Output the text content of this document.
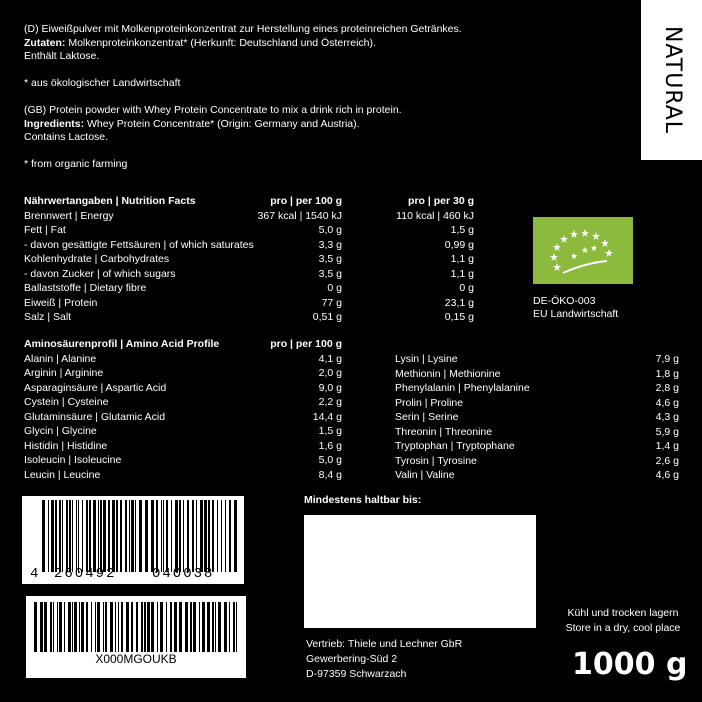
(D) Eiweißpulver mit Molkenproteinkonzentrat zur Herstellung eines proteinreichen Getränkes.
Zutaten: Molkenproteinkonzentrat* (Herkunft: Deutschland und Österreich).
Enthält Laktose.
* aus ökologischer Landwirtschaft
(GB) Protein powder with Whey Protein Concentrate to mix a drink rich in protein.
Ingredients: Whey Protein Concentrate* (Origin: Germany and Austria).
Contains Lactose.
* from organic farming
NATURAL
Nährwertangaben | Nutrition Facts	pro | per 100 g	pro | per 30 g
Brennwert | Energy	367 kcal | 1540 kJ	110 kcal | 460 kJ
Fett | Fat	5,0 g	1,5 g
- davon gesättigte Fettsäuren | of which saturates	3,3 g	0,99 g
Kohlenhydrate | Carbohydrates	3,5 g	1,1 g
- davon Zucker | of which sugars	3,5 g	1,1 g
Ballaststoffe | Dietary fibre	0 g	0 g
Eiweiß | Protein	77 g	23,1 g
Salz | Salt	0,51 g	0,15 g
DE-ÖKO-003
EU Landwirtschaft
Aminosäurenprofil | Amino Acid Profile	pro | per 100 g
Alanin | Alanine	4,1 g
Arginin | Arginine	2,0 g
Asparaginsäure | Aspartic Acid	9,0 g
Cystein | Cysteine	2,2 g
Glutaminsäure | Glutamic Acid	14,4 g
Glycin | Glycine	1,5 g
Histidin | Histidine	1,6 g
Isoleucin | Isoleucine	5,0 g
Leucin | Leucine	8,4 g
Lysin | Lysine	7,9 g
Methionin | Methionine	1,8 g
Phenylalanin | Phenylalanine	2,8 g
Prolin | Proline	4,6 g
Serin | Serine	4,3 g
Threonin | Threonine	5,9 g
Tryptophan | Tryptophane	1,4 g
Tyrosin | Tyrosine	2,6 g
Valin | Valine	4,6 g
4 260492	040038
X000MGOUKB
Mindestens haltbar bis:
Vertrieb: Thiele und Lechner GbR
Gewerbering-Süd 2
D-97359 Schwarzach
Kühl und trocken lagern
Store in a dry, cool place
1000 g
